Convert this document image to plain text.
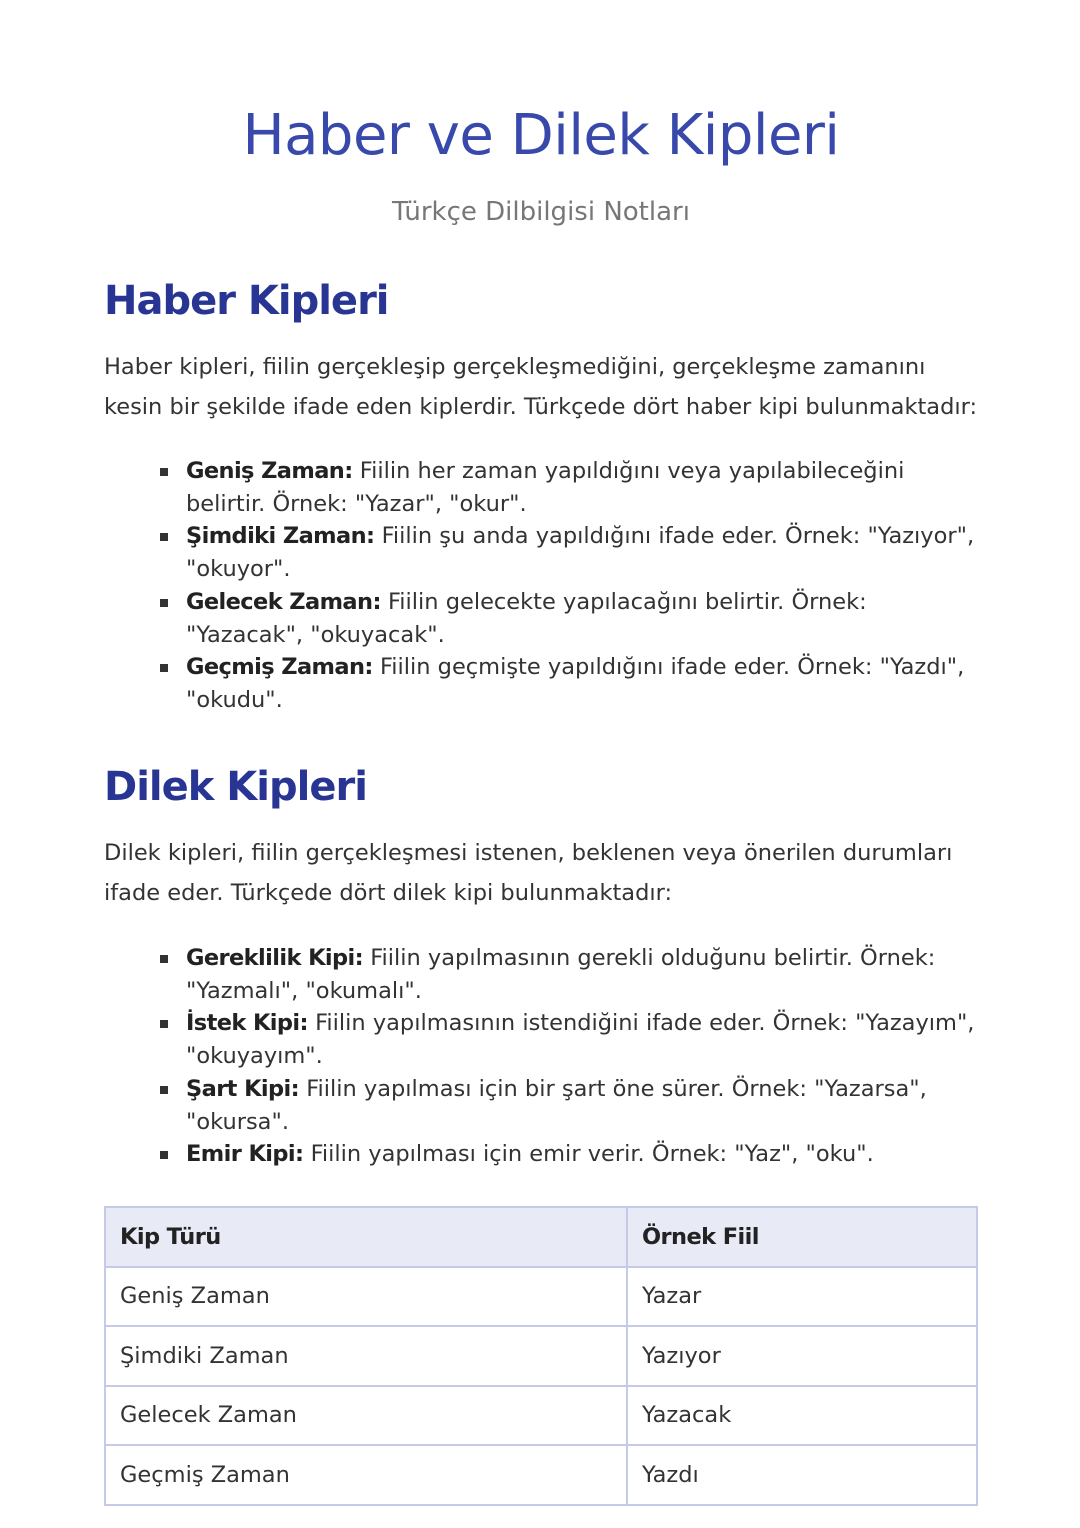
Haber ve Dilek Kipleri

Türkçe Dilbilgisi Notları

Haber Kipleri

Haber kipleri, fiilin gerçekleşip gerçekleşmediğini, gerçekleşme zamanını kesin bir şekilde ifade eden kiplerdir. Türkçede dört haber kipi bulunmaktadır:

Geniş Zaman: Fiilin her zaman yapıldığını veya yapılabileceğini belirtir. Örnek: "Yazar", "okur".
Şimdiki Zaman: Fiilin şu anda yapıldığını ifade eder. Örnek: "Yazıyor", "okuyor".
Gelecek Zaman: Fiilin gelecekte yapılacağını belirtir. Örnek: "Yazacak", "okuyacak".
Geçmiş Zaman: Fiilin geçmişte yapıldığını ifade eder. Örnek: "Yazdı", "okudu".
Dilek Kipleri

Dilek kipleri, fiilin gerçekleşmesi istenen, beklenen veya önerilen durumları ifade eder. Türkçede dört dilek kipi bulunmaktadır:

Gereklilik Kipi: Fiilin yapılmasının gerekli olduğunu belirtir. Örnek: "Yazmalı", "okumalı".
İstek Kipi: Fiilin yapılmasının istendiğini ifade eder. Örnek: "Yazayım", "okuyayım".
Şart Kipi: Fiilin yapılması için bir şart öne sürer. Örnek: "Yazarsa", "okursa".
Emir Kipi: Fiilin yapılması için emir verir. Örnek: "Yaz", "oku".
Kip Türü	Örnek Fiil
Geniş Zaman	Yazar
Şimdiki Zaman	Yazıyor
Gelecek Zaman	Yazacak
Geçmiş Zaman	Yazdı
